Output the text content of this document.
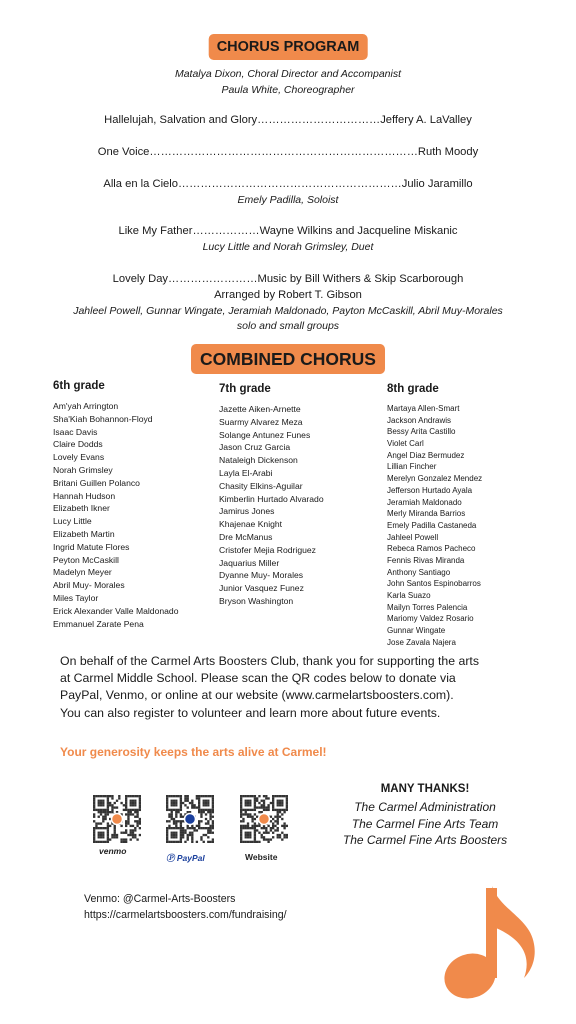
CHORUS PROGRAM
Matalya Dixon, Choral Director and Accompanist
Paula White, Choreographer
Hallelujah, Salvation and Glory……………………………Jeffery A. LaValley
One Voice………………………………………………………………Ruth Moody
Alla en la Cielo……………………………………………………Julio Jaramillo
Emely Padilla, Soloist
Like My Father………………Wayne Wilkins and Jacqueline Miskanic
Lucy Little and Norah Grimsley, Duet
Lovely Day……………………Music by Bill Withers & Skip Scarborough
Arranged by Robert T. Gibson
Jahleel Powell, Gunnar Wingate, Jeramiah Maldonado, Payton McCaskill, Abril Muy-Morales
solo and small groups
COMBINED CHORUS
6th grade
Am'yah Arrington
Sha'Kiah Bohannon-Floyd
Isaac Davis
Claire Dodds
Lovely Evans
Norah Grimsley
Britani Guillen Polanco
Hannah Hudson
Elizabeth Ikner
Lucy Little
Elizabeth Martin
Ingrid Matute Flores
Peyton McCaskill
Madelyn Meyer
Abril Muy- Morales
Miles Taylor
Erick Alexander Valle Maldonado
Emmanuel Zarate Pena
7th grade
Jazette Aiken-Arnette
Suarmy Alvarez Meza
Solange Antunez Funes
Jason Cruz Garcia
Nataleigh Dickenson
Layla El-Arabi
Chasity Elkins-Aguilar
Kimberlin Hurtado Alvarado
Jamirus Jones
Khajenae Knight
Dre McManus
Cristofer Mejia Rodriguez
Jaquarius Miller
Dyanne Muy- Morales
Junior Vasquez Funez
Bryson Washington
8th grade
Martaya Allen-Smart
Jackson Andrawis
Bessy Arita Castillo
Violet Carl
Angel Diaz Bermudez
Lillian Fincher
Merelyn Gonzalez Mendez
Jefferson Hurtado Ayala
Jeramiah Maldonado
Merly Miranda Barrios
Emely Padilla Castaneda
Jahleel Powell
Rebeca Ramos Pacheco
Fennis Rivas Miranda
Anthony Santiago
John Santos Espinobarros
Karla Suazo
Mailyn Torres Palencia
Mariomy Valdez Rosario
Gunnar Wingate
Jose Zavala Najera
On behalf of the Carmel Arts Boosters Club, thank you for supporting the arts
at Carmel Middle School. Please scan the QR codes below to donate via
PayPal, Venmo, or online at our website (www.carmelartsboosters.com).
You can also register to volunteer and learn more about future events.
Your generosity keeps the arts alive at Carmel!
venmo
Ⓟ PayPal	Website
MANY THANKS!
The Carmel Administration
The Carmel Fine Arts Team
The Carmel Fine Arts Boosters
Venmo: @Carmel-Arts-Boosters
https://carmelartsboosters.com/fundraising/
